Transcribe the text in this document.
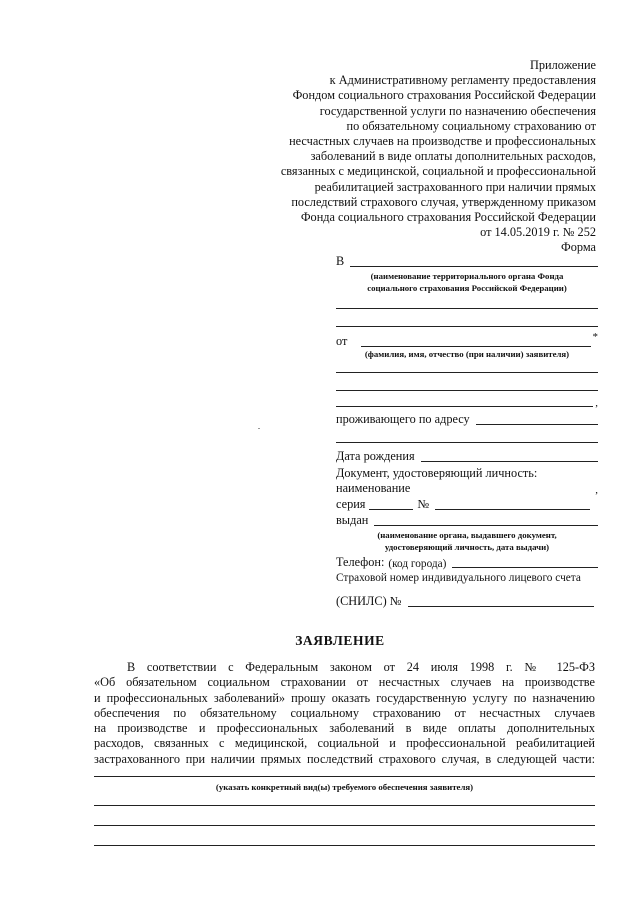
Приложение
к Административному регламенту предоставления
Фондом социального страхования Российской Федерации
государственной услуги по назначению обеспечения
по обязательному социальному страхованию от
несчастных случаев на производстве и профессиональных
заболеваний в виде оплаты дополнительных расходов,
связанных с медицинской, социальной и профессиональной
реабилитацией застрахованного при наличии прямых
последствий страхового случая, утвержденному приказом
Фонда социального страхования Российской Федерации
от 14.05.2019 г. № 252
Форма
В
(наименование территориального органа Фонда
социального страхования Российской Федерации)
от	*
(фамилия, имя, отчество (при наличии) заявителя)
,
проживающего по адресу
Дата рождения
Документ, удостоверяющий личность:
наименование	,
серия	№
выдан
(наименование органа, выдавшего документ,
удостоверяющий личность, дата выдачи)
Телефон: (код города)
Страховой номер индивидуального лицевого счета
(СНИЛС) №
ЗАЯВЛЕНИЕ
В соответствии с Федеральным законом от 24 июля 1998 г. № 125-ФЗ
«Об обязательном социальном страховании от несчастных случаев на производстве
и профессиональных заболеваний» прошу оказать государственную услугу по назначению
обеспечения по обязательному социальному страхованию от несчастных случаев
на производстве и профессиональных заболеваний в виде оплаты дополнительных
расходов, связанных с медицинской, социальной и профессиональной реабилитацией
застрахованного при наличии прямых последствий страхового случая, в следующей части:
(указать конкретный вид(ы) требуемого обеспечения заявителя)
